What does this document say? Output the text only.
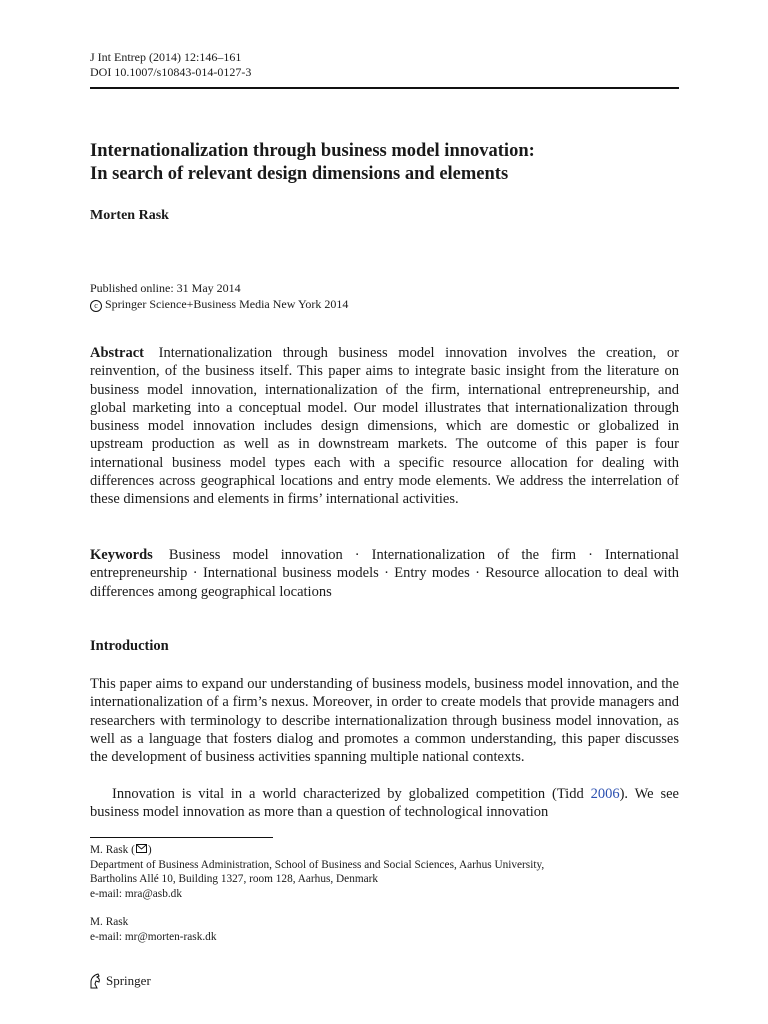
J Int Entrep (2014) 12:146–161
DOI 10.1007/s10843-014-0127-3
Internationalization through business model innovation:
In search of relevant design dimensions and elements
Morten Rask
Published online: 31 May 2014
c Springer Science+Business Media New York 2014
Abstract Internationalization through business model innovation involves the creation, or reinvention, of the business itself. This paper aims to integrate basic insight from the literature on business model innovation, internationalization of the firm, international entrepreneurship, and global marketing into a conceptual model. Our model illustrates that internationalization through business model innovation includes design dimensions, which are domestic or globalized in upstream production as well as in downstream markets. The outcome of this paper is four international business model types each with a specific resource allocation for dealing with differences across geographical locations and entry mode elements. We address the interrelation of these dimensions and elements in firms’ international activities.
Keywords Business model innovation · Internationalization of the firm · International entrepreneurship · International business models · Entry modes · Resource allocation to deal with differences among geographical locations
Introduction
This paper aims to expand our understanding of business models, business model innovation, and the internationalization of a firm’s nexus. Moreover, in order to create models that provide managers and researchers with terminology to describe internationalization through business model innovation, as well as a language that fosters dialog and promotes a common understanding, this paper discusses the development of business activities spanning multiple national contexts.
Innovation is vital in a world characterized by globalized competition (Tidd 2006). We see business model innovation as more than a question of technological innovation
M. Rask ( )
Department of Business Administration, School of Business and Social Sciences, Aarhus University,
Bartholins Allé 10, Building 1327, room 128, Aarhus, Denmark
e-mail: mra@asb.dk
M. Rask
e-mail: mr@morten-rask.dk
Springer
